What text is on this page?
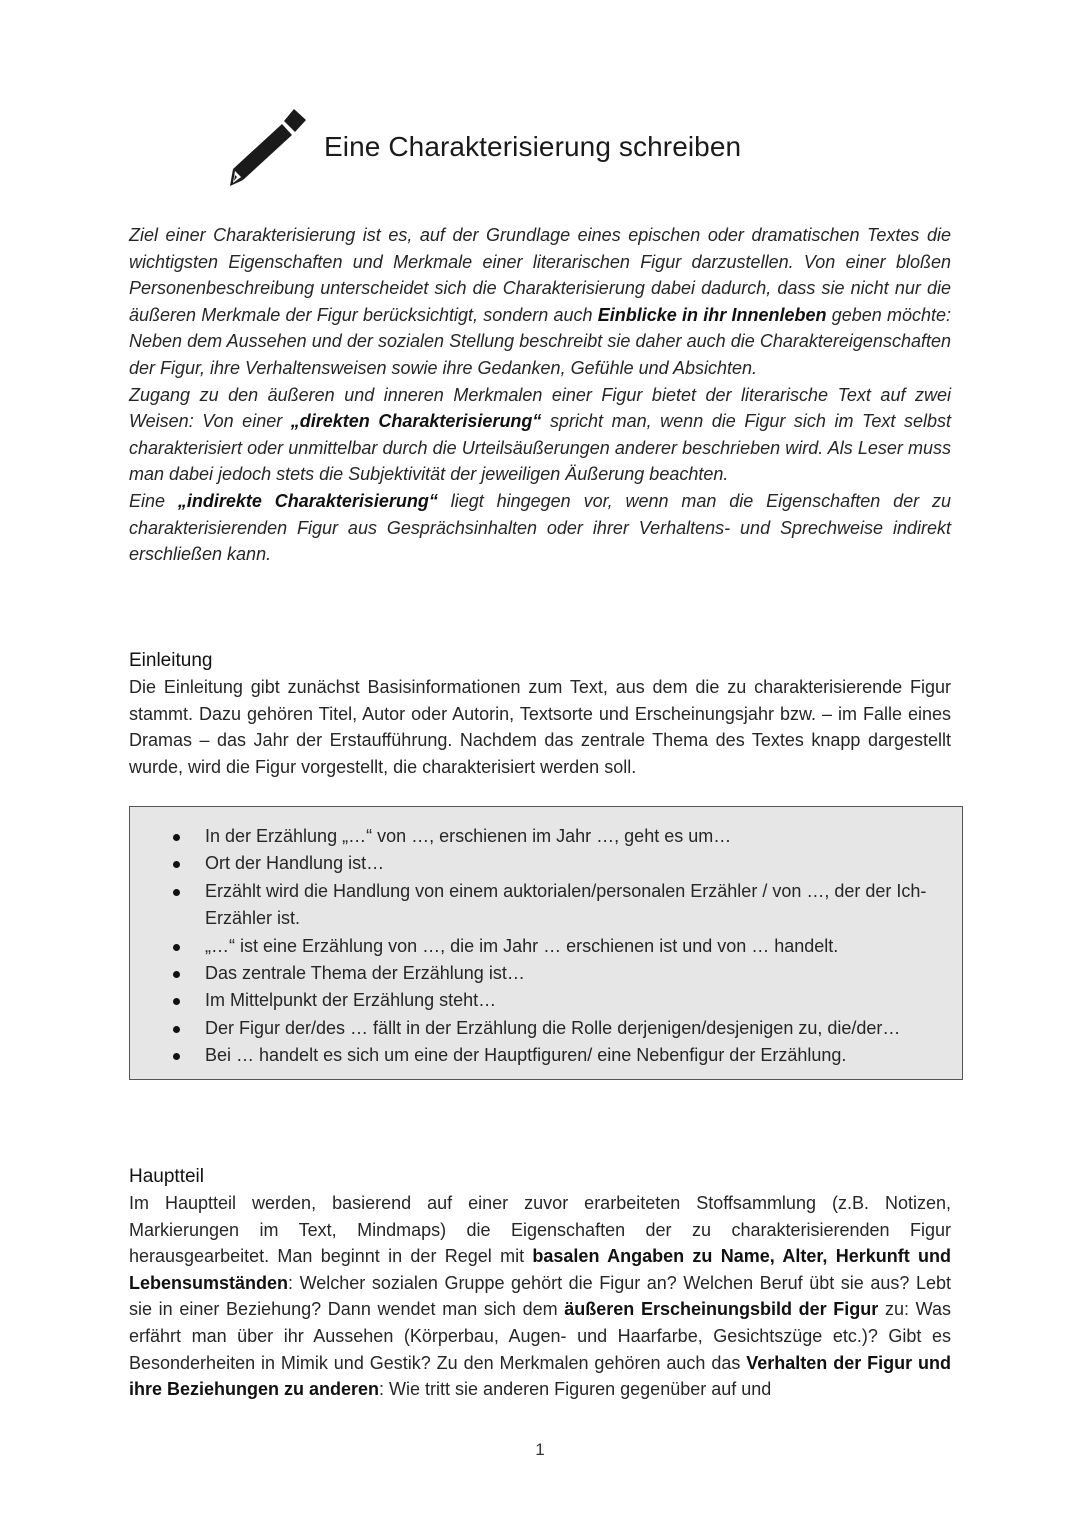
Eine Charakterisierung schreiben

Ziel einer Charakterisierung ist es, auf der Grundlage eines epischen oder dramatischen Textes die wichtigsten Eigenschaften und Merkmale einer literarischen Figur darzustellen. Von einer bloßen Personenbeschreibung unterscheidet sich die Charakterisierung dabei dadurch, dass sie nicht nur die äußeren Merkmale der Figur berücksichtigt, sondern auch Einblicke in ihr Innenleben geben möchte: Neben dem Aussehen und der sozialen Stellung beschreibt sie daher auch die Charaktereigenschaften der Figur, ihre Verhaltensweisen sowie ihre Gedanken, Gefühle und Absichten.

Zugang zu den äußeren und inneren Merkmalen einer Figur bietet der literarische Text auf zwei Weisen: Von einer „direkten Charakterisierung“ spricht man, wenn die Figur sich im Text selbst charakterisiert oder unmittelbar durch die Urteilsäußerungen anderer beschrieben wird. Als Leser muss man dabei jedoch stets die Subjektivität der jeweiligen Äußerung beachten.

Eine „indirekte Charakterisierung“ liegt hingegen vor, wenn man die Eigenschaften der zu charakterisierenden Figur aus Gesprächsinhalten oder ihrer Verhaltens- und Sprechweise indirekt erschließen kann.

Einleitung

Die Einleitung gibt zunächst Basisinformationen zum Text, aus dem die zu charakterisierende Figur stammt. Dazu gehören Titel, Autor oder Autorin, Textsorte und Erscheinungsjahr bzw. – im Falle eines Dramas – das Jahr der Erstaufführung. Nachdem das zentrale Thema des Textes knapp dargestellt wurde, wird die Figur vorgestellt, die charakterisiert werden soll.

In der Erzählung „…“ von …, erschienen im Jahr …, geht es um…
Ort der Handlung ist…
Erzählt wird die Handlung von einem auktorialen/personalen Erzähler / von …, der der Ich-Erzähler ist.
„…“ ist eine Erzählung von …, die im Jahr … erschienen ist und von … handelt.
Das zentrale Thema der Erzählung ist…
Im Mittelpunkt der Erzählung steht…
Der Figur der/des … fällt in der Erzählung die Rolle derjenigen/desjenigen zu, die/der…
Bei … handelt es sich um eine der Hauptfiguren/ eine Nebenfigur der Erzählung.
Hauptteil

Im Hauptteil werden, basierend auf einer zuvor erarbeiteten Stoffsammlung (z.B. Notizen, Markierungen im Text, Mindmaps) die Eigenschaften der zu charakterisierenden Figur herausgearbeitet. Man beginnt in der Regel mit basalen Angaben zu Name, Alter, Herkunft und Lebensumständen: Welcher sozialen Gruppe gehört die Figur an? Welchen Beruf übt sie aus? Lebt sie in einer Beziehung? Dann wendet man sich dem äußeren Erscheinungsbild der Figur zu: Was erfährt man über ihr Aussehen (Körperbau, Augen- und Haarfarbe, Gesichtszüge etc.)? Gibt es Besonderheiten in Mimik und Gestik? Zu den Merkmalen gehören auch das Verhalten der Figur und ihre Beziehungen zu anderen: Wie tritt sie anderen Figuren gegenüber auf und

1
